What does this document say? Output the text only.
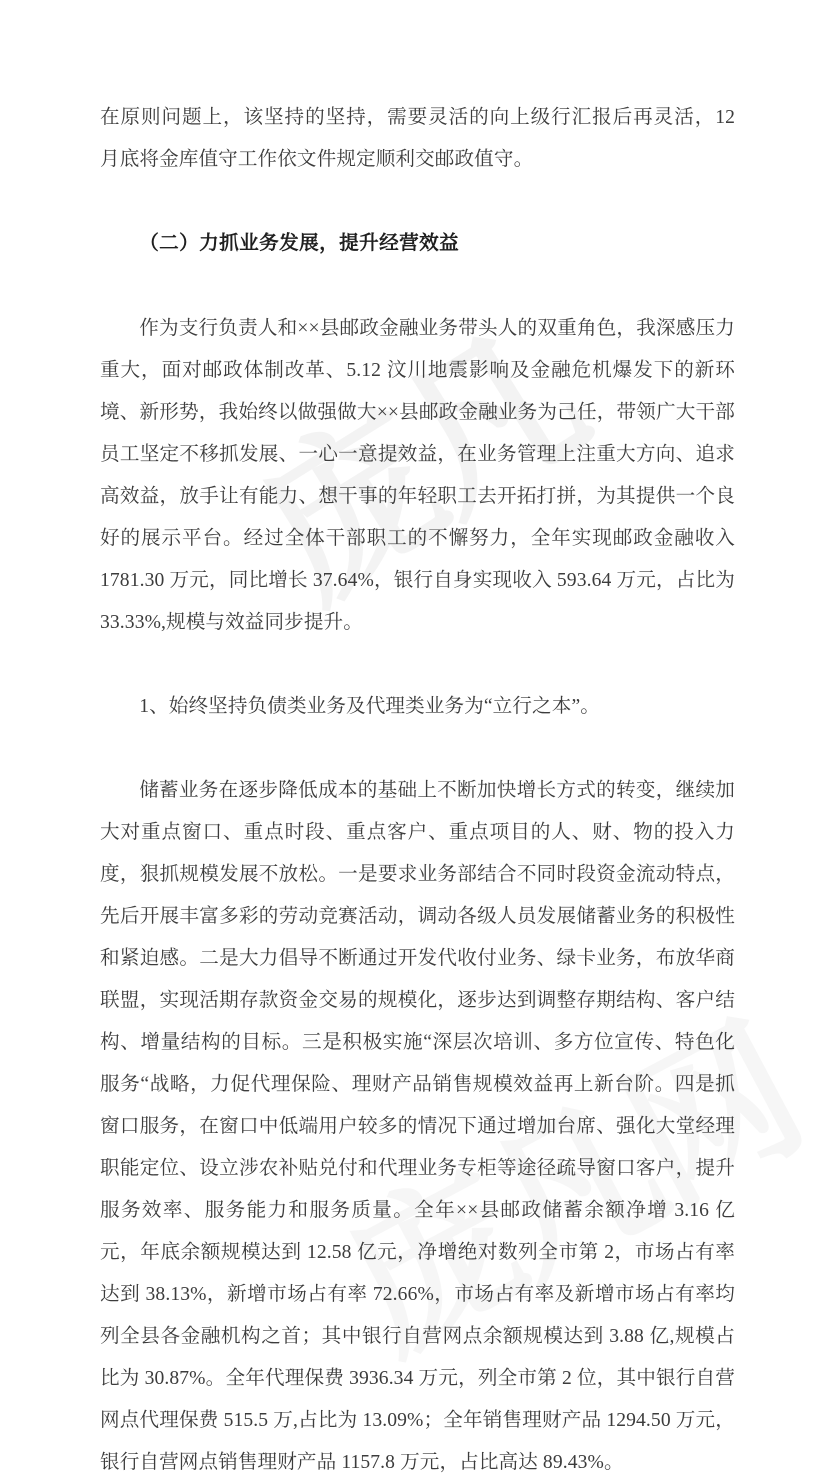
在原则问题上，该坚持的坚持，需要灵活的向上级行汇报后再灵活，12 月底将金库值守工作依文件规定顺利交邮政值守。

（二）力抓业务发展，提升经营效益

作为支行负责人和××县邮政金融业务带头人的双重角色，我深感压力重大，面对邮政体制改革、5.12 汶川地震影响及金融危机爆发下的新环境、新形势，我始终以做强做大××县邮政金融业务为己任，带领广大干部员工坚定不移抓发展、一心一意提效益，在业务管理上注重大方向、追求高效益，放手让有能力、想干事的年轻职工去开拓打拼，为其提供一个良好的展示平台。经过全体干部职工的不懈努力，全年实现邮政金融收入 1781.30 万元，同比增长 37.64%，银行自身实现收入 593.64 万元，占比为 33.33%,规模与效益同步提升。

1、始终坚持负债类业务及代理类业务为“立行之本”。

储蓄业务在逐步降低成本的基础上不断加快增长方式的转变，继续加大对重点窗口、重点时段、重点客户、重点项目的人、财、物的投入力度，狠抓规模发展不放松。一是要求业务部结合不同时段资金流动特点，先后开展丰富多彩的劳动竞赛活动，调动各级人员发展储蓄业务的积极性和紧迫感。二是大力倡导不断通过开发代收付业务、绿卡业务，布放华商联盟，实现活期存款资金交易的规模化，逐步达到调整存期结构、客户结构、增量结构的目标。三是积极实施“深层次培训、多方位宣传、特色化服务“战略，力促代理保险、理财产品销售规模效益再上新台阶。四是抓窗口服务，在窗口中低端用户较多的情况下通过增加台席、强化大堂经理职能定位、设立涉农补贴兑付和代理业务专柜等途径疏导窗口客户，提升服务效率、服务能力和服务质量。全年××县邮政储蓄余额净增 3.16 亿元，年底余额规模达到 12.58 亿元，净增绝对数列全市第 2，市场占有率达到 38.13%，新增市场占有率 72.66%，市场占有率及新增市场占有率均列全县各金融机构之首；其中银行自营网点余额规模达到 3.88 亿,规模占比为 30.87%。全年代理保费 3936.34 万元，列全市第 2 位，其中银行自营网点代理保费 515.5 万,占比为 13.09%；全年销售理财产品 1294.50 万元，银行自营网点销售理财产品 1157.8 万元，占比高达 89.43%。
